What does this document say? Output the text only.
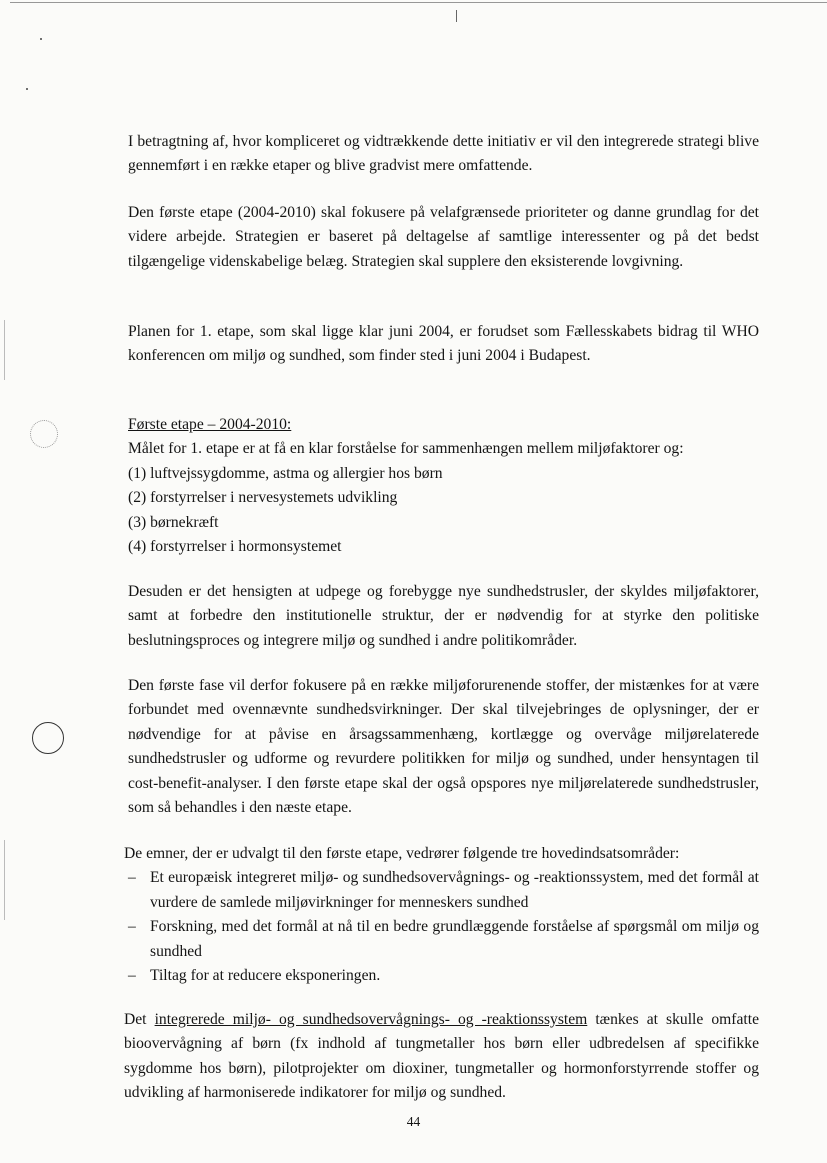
I betragtning af, hvor kompliceret og vidtrækkende dette initiativ er vil den integrerede strategi blive gennemført i en række etaper og blive gradvist mere omfattende.

Den første etape (2004-2010) skal fokusere på velafgrænsede prioriteter og danne grundlag for det videre arbejde. Strategien er baseret på deltagelse af samtlige interessenter og på det bedst tilgængelige videnskabelige belæg. Strategien skal supplere den eksisterende lovgivning.

Planen for 1. etape, som skal ligge klar juni 2004, er forudset som Fællesskabets bidrag til WHO konferencen om miljø og sundhed, som finder sted i juni 2004 i Budapest.

Første etape – 2004-2010:

Målet for 1. etape er at få en klar forståelse for sammenhængen mellem miljøfaktorer og:

(1) luftvejssygdomme, astma og allergier hos børn

(2) forstyrrelser i nervesystemets udvikling

(3) børnekræft

(4) forstyrrelser i hormonsystemet

Desuden er det hensigten at udpege og forebygge nye sundhedstrusler, der skyldes miljøfaktorer, samt at forbedre den institutionelle struktur, der er nødvendig for at styrke den politiske beslutningsproces og integrere miljø og sundhed i andre politikområder.

Den første fase vil derfor fokusere på en række miljøforurenende stoffer, der mistænkes for at være forbundet med ovennævnte sundhedsvirkninger. Der skal tilvejebringes de oplysninger, der er nødvendige for at påvise en årsagssammenhæng, kortlægge og overvåge miljørelaterede sundhedstrusler og udforme og revurdere politikken for miljø og sundhed, under hensyntagen til cost-benefit-analyser. I den første etape skal der også opspores nye miljørelaterede sundhedstrusler, som så behandles i den næste etape.

De emner, der er udvalgt til den første etape, vedrører følgende tre hovedindsatsområder:

– Et europæisk integreret miljø- og sundhedsovervågnings- og -reaktionssystem, med det formål at vurdere de samlede miljøvirkninger for menneskers sundhed

– Forskning, med det formål at nå til en bedre grundlæggende forståelse af spørgsmål om miljø og sundhed

– Tiltag for at reducere eksponeringen.

Det integrerede miljø- og sundhedsovervågnings- og -reaktionssystem tænkes at skulle omfatte bioovervågning af børn (fx indhold af tungmetaller hos børn eller udbredelsen af specifikke sygdomme hos børn), pilotprojekter om dioxiner, tungmetaller og hormonforstyrrende stoffer og udvikling af harmoniserede indikatorer for miljø og sundhed.

44
